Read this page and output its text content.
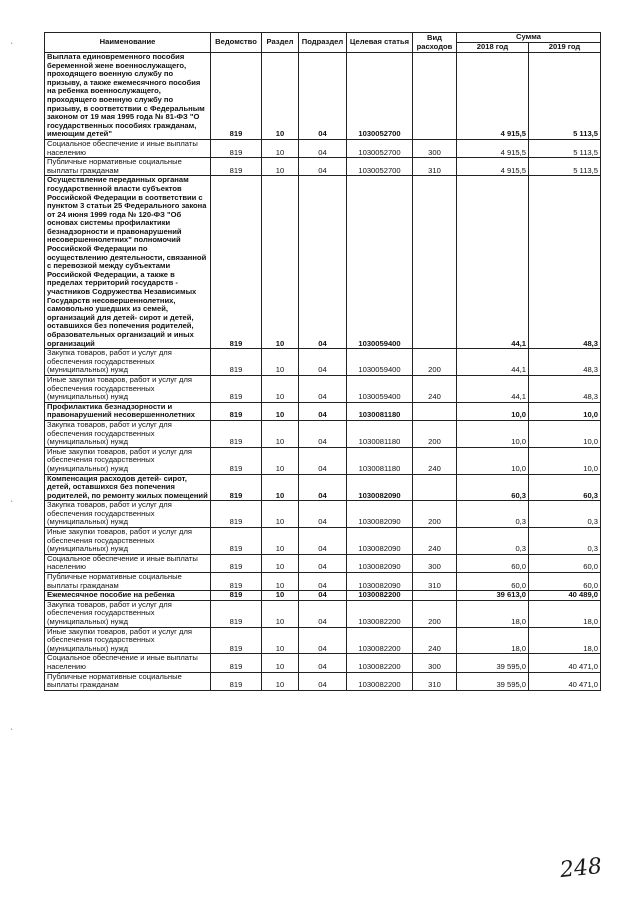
`
`
`
Наименование	Ведомство	Раздел	Подраздел	Целевая статья	Вид расходов	Сумма	
						2018 год	2019 год
Выплата единовременного пособия беременной жене военнослужащего, проходящего военную службу по призыву, а также ежемесячного пособия на ребенка военнослужащего, проходящего военную службу по призыву, в соответствии с Федеральным законом от 19 мая 1995 года № 81-ФЗ "О государственных пособиях гражданам, имеющим детей"	819	10	04	1030052700		4 915,5	5 113,5
Социальное обеспечение и иные выплаты населению	819	10	04	1030052700	300	4 915,5	5 113,5
Публичные нормативные социальные выплаты гражданам	819	10	04	1030052700	310	4 915,5	5 113,5
Осуществление переданных органам государственной власти субъектов Российской Федерации в соответствии с пунктом 3 статьи 25 Федерального закона от 24 июня 1999 года № 120-ФЗ "Об основах системы профилактики безнадзорности и правонарушений несовершеннолетних" полномочий Российской Федерации по осуществлению деятельности, связанной с перевозкой между субъектами Российской Федерации, а также в пределах территорий государств - участников Содружества Независимых Государств несовершеннолетних, самовольно ушедших из семей, организаций для детей- сирот и детей, оставшихся без попечения родителей, образовательных организаций и иных организаций	819	10	04	1030059400		44,1	48,3
Закупка товаров, работ и услуг для обеспечения государственных (муниципальных) нужд	819	10	04	1030059400	200	44,1	48,3
Иные закупки товаров, работ и услуг для обеспечения государственных (муниципальных) нужд	819	10	04	1030059400	240	44,1	48,3
Профилактика безнадзорности и правонарушений несовершеннолетних	819	10	04	1030081180		10,0	10,0
Закупка товаров, работ и услуг для обеспечения государственных (муниципальных) нужд	819	10	04	1030081180	200	10,0	10,0
Иные закупки товаров, работ и услуг для обеспечения государственных (муниципальных) нужд	819	10	04	1030081180	240	10,0	10,0
Компенсация расходов детей- сирот, детей, оставшихся без попечения родителей, по ремонту жилых помещений	819	10	04	1030082090		60,3	60,3
Закупка товаров, работ и услуг для обеспечения государственных (муниципальных) нужд	819	10	04	1030082090	200	0,3	0,3
Иные закупки товаров, работ и услуг для обеспечения государственных (муниципальных) нужд	819	10	04	1030082090	240	0,3	0,3
Социальное обеспечение и иные выплаты населению	819	10	04	1030082090	300	60,0	60,0
Публичные нормативные социальные выплаты гражданам	819	10	04	1030082090	310	60,0	60,0
Ежемесячное пособие на ребенка	819	10	04	1030082200		39 613,0	40 489,0
Закупка товаров, работ и услуг для обеспечения государственных (муниципальных) нужд	819	10	04	1030082200	200	18,0	18,0
Иные закупки товаров, работ и услуг для обеспечения государственных (муниципальных) нужд	819	10	04	1030082200	240	18,0	18,0
Социальное обеспечение и иные выплаты населению	819	10	04	1030082200	300	39 595,0	40 471,0
Публичные нормативные социальные выплаты гражданам	819	10	04	1030082200	310	39 595,0	40 471,0
248
